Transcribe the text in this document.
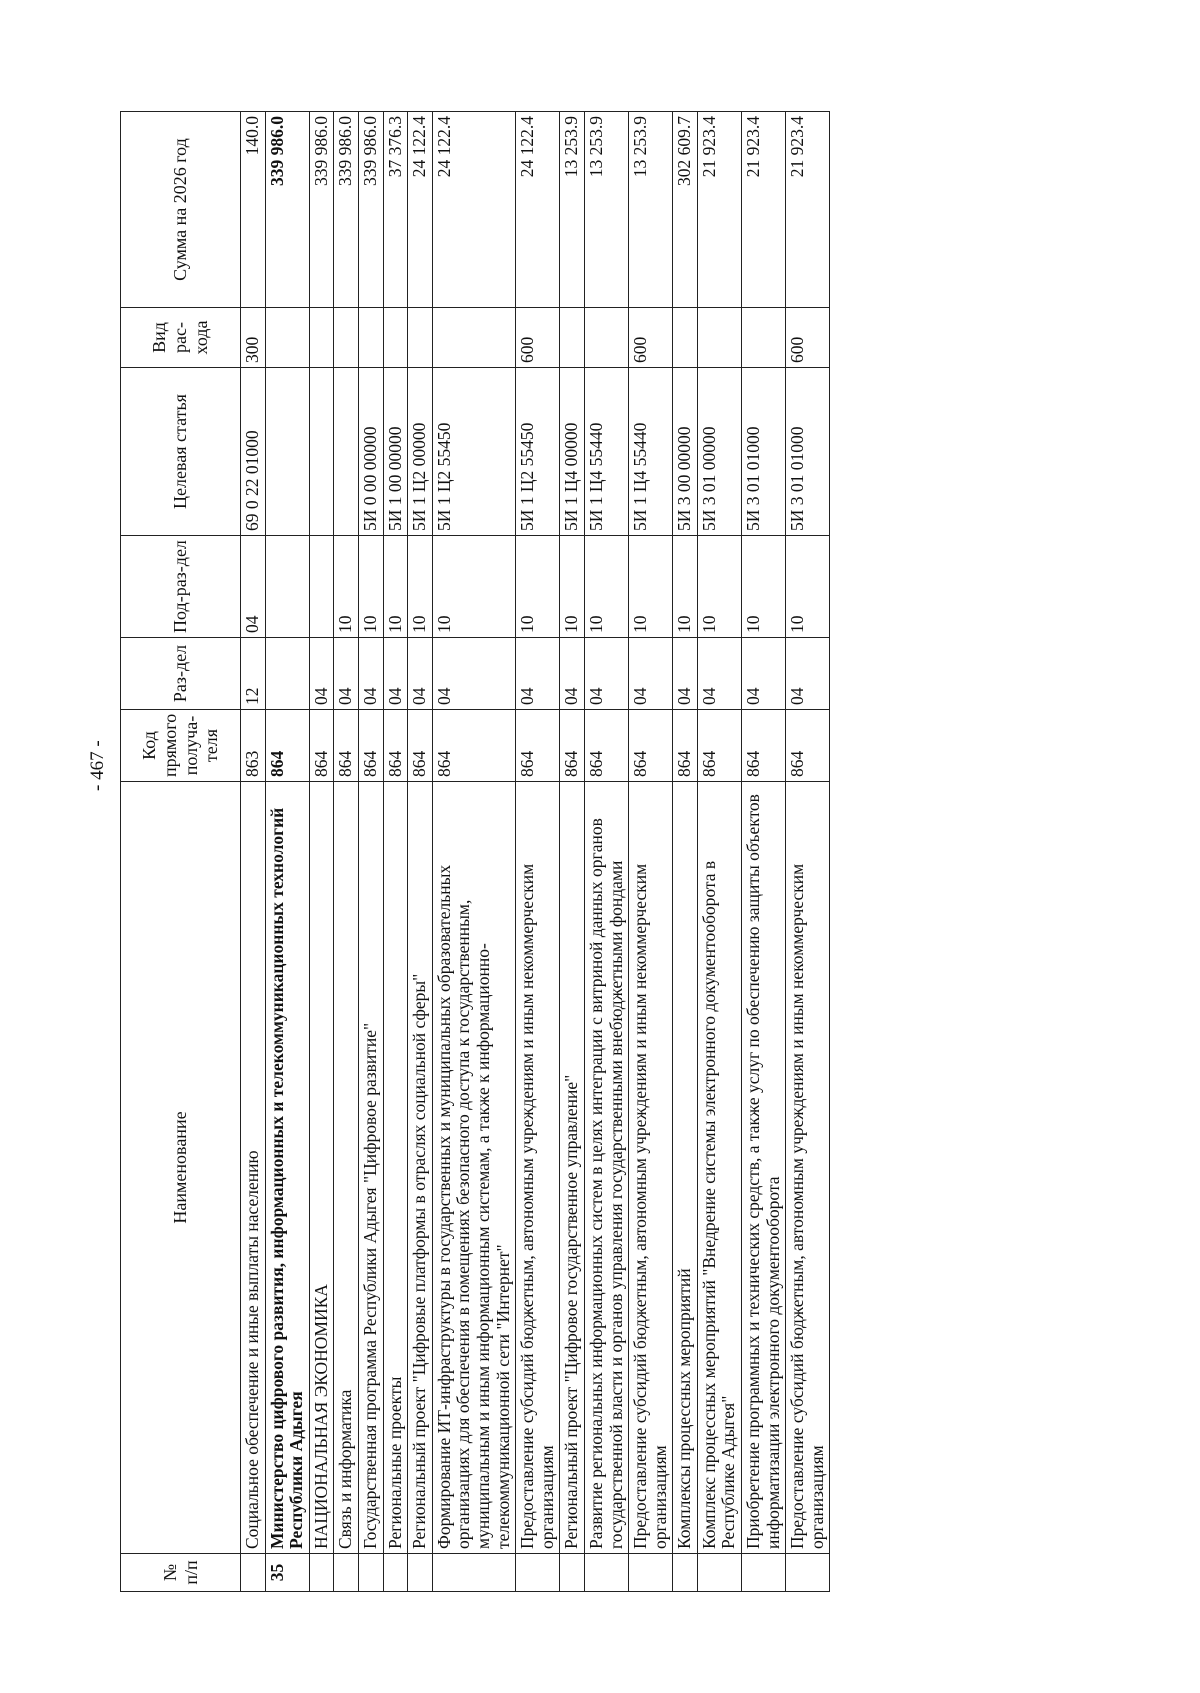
- 467 -
№ п/п	Наименование	Код прямого получа-теля	Раз-дел	Под-раз-дел	Целевая статья	Вид рас-хода	Сумма на 2026 год
	Социальное обеспечение и иные выплаты населению	863	12	04	69 0 22 01000	300	140.0
35	Министерство цифрового развития, информационных и телекоммуникационных технологий Республики Адыгея	864					339 986.0
	НАЦИОНАЛЬНАЯ ЭКОНОМИКА	864	04				339 986.0
	Связь и информатика	864	04	10			339 986.0
	Государственная программа Республики Адыгея "Цифровое развитие"	864	04	10	5И 0 00 00000		339 986.0
	Региональные проекты	864	04	10	5И 1 00 00000		37 376.3
	Региональный проект "Цифровые платформы в отраслях социальной сферы"	864	04	10	5И 1 Ц2 00000		24 122.4
	Формирование ИТ-инфраструктуры в государственных и муниципальных образовательных организациях для обеспечения в помещениях безопасного доступа к государственным, муниципальным и иным информационным системам, а также к информационно-телекоммуникационной сети "Интернет"	864	04	10	5И 1 Ц2 55450		24 122.4
	Предоставление субсидий бюджетным, автономным учреждениям и иным некоммерческим организациям	864	04	10	5И 1 Ц2 55450	600	24 122.4
	Региональный проект "Цифровое государственное управление"	864	04	10	5И 1 Ц4 00000		13 253.9
	Развитие региональных информационных систем в целях интеграции с витриной данных органов государственной власти и органов управления государственными внебюджетными фондами	864	04	10	5И 1 Ц4 55440		13 253.9
	Предоставление субсидий бюджетным, автономным учреждениям и иным некоммерческим организациям	864	04	10	5И 1 Ц4 55440	600	13 253.9
	Комплексы процессных мероприятий	864	04	10	5И 3 00 00000		302 609.7
	Комплекс процессных мероприятий "Внедрение системы электронного документооборота в Республике Адыгея"	864	04	10	5И 3 01 00000		21 923.4
	Приобретение программных и технических средств, а также услуг по обеспечению защиты объектов информатизации электронного документооборота	864	04	10	5И 3 01 01000		21 923.4
	Предоставление субсидий бюджетным, автономным учреждениям и иным некоммерческим организациям	864	04	10	5И 3 01 01000	600	21 923.4
